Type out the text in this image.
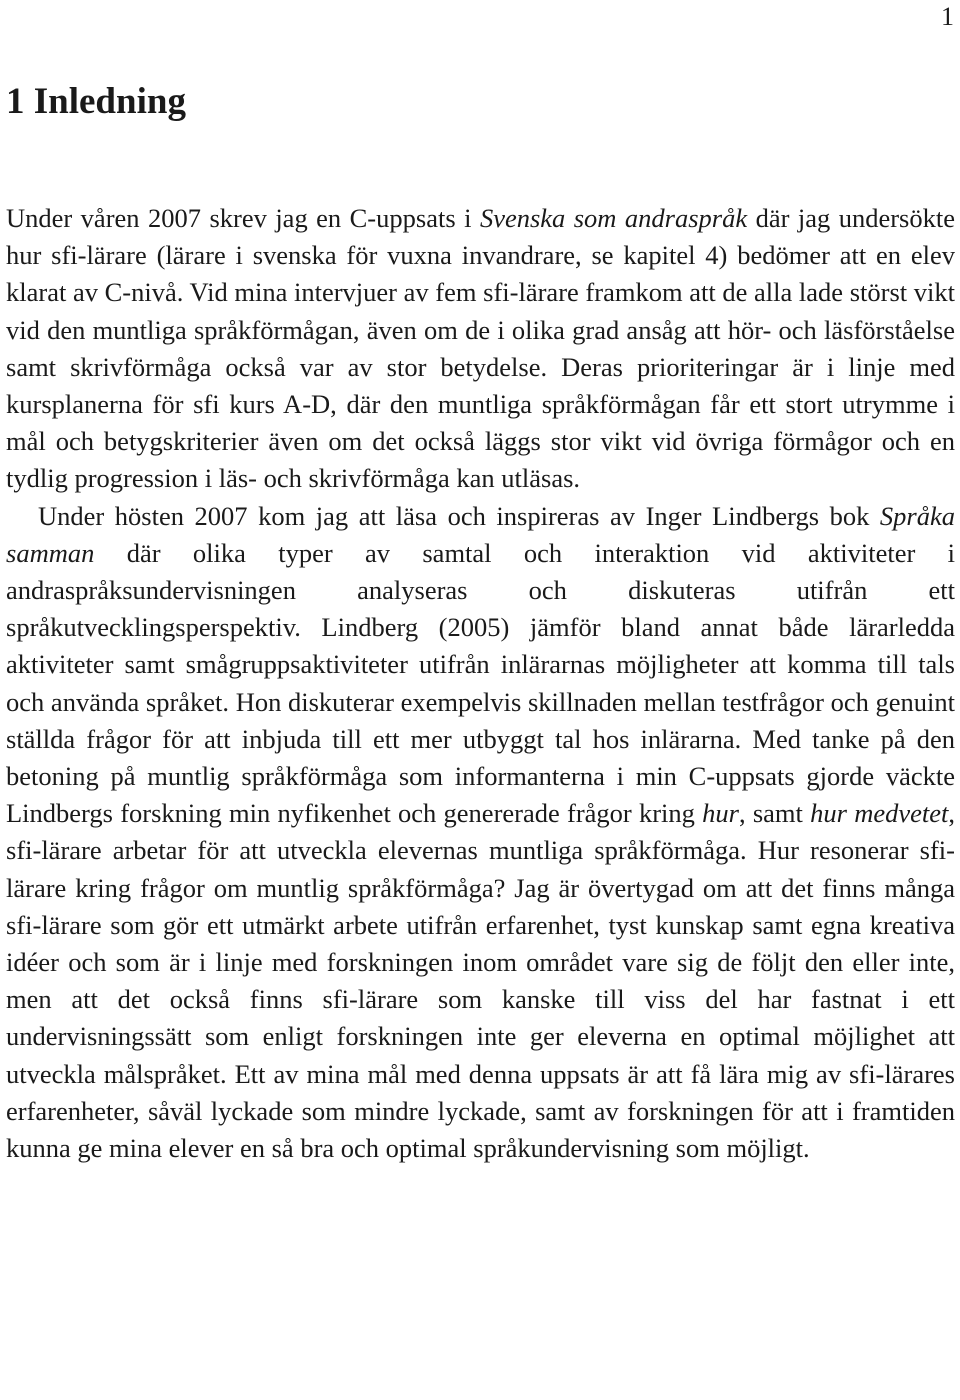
1
1 Inledning

Under våren 2007 skrev jag en C-uppsats i Svenska som andraspråk där jag undersökte hur sfi-lärare (lärare i svenska för vuxna invandrare, se kapitel 4) bedömer att en elev klarat av C-nivå. Vid mina intervjuer av fem sfi-lärare framkom att de alla lade störst vikt vid den muntliga språkförmågan, även om de i olika grad ansåg att hör- och läsförståelse samt skrivförmåga också var av stor betydelse. Deras prioriteringar är i linje med kursplanerna för sfi kurs A-D, där den muntliga språkförmågan får ett stort utrymme i mål och betygskriterier även om det också läggs stor vikt vid övriga förmågor och en tydlig progression i läs- och skrivförmåga kan utläsas.

Under hösten 2007 kom jag att läsa och inspireras av Inger Lindbergs bok Språka samman där olika typer av samtal och interaktion vid aktiviteter i andraspråksundervisningen analyseras och diskuteras utifrån ett språkutvecklingsperspektiv. Lindberg (2005) jämför bland annat både lärarledda aktiviteter samt smågruppsaktiviteter utifrån inlärarnas möjligheter att komma till tals och använda språket. Hon diskuterar exempelvis skillnaden mellan testfrågor och genuint ställda frågor för att inbjuda till ett mer utbyggt tal hos inlärarna. Med tanke på den betoning på muntlig språkförmåga som informanterna i min C-uppsats gjorde väckte Lindbergs forskning min nyfikenhet och genererade frågor kring hur, samt hur medvetet, sfi-lärare arbetar för att utveckla elevernas muntliga språkförmåga. Hur resonerar sfi-lärare kring frågor om muntlig språkförmåga? Jag är övertygad om att det finns många sfi-lärare som gör ett utmärkt arbete utifrån erfarenhet, tyst kunskap samt egna kreativa idéer och som är i linje med forskningen inom området vare sig de följt den eller inte, men att det också finns sfi-lärare som kanske till viss del har fastnat i ett undervisningssätt som enligt forskningen inte ger eleverna en optimal möjlighet att utveckla målspråket. Ett av mina mål med denna uppsats är att få lära mig av sfi-lärares erfarenheter, såväl lyckade som mindre lyckade, samt av forskningen för att i framtiden kunna ge mina elever en så bra och optimal språkundervisning som möjligt.
